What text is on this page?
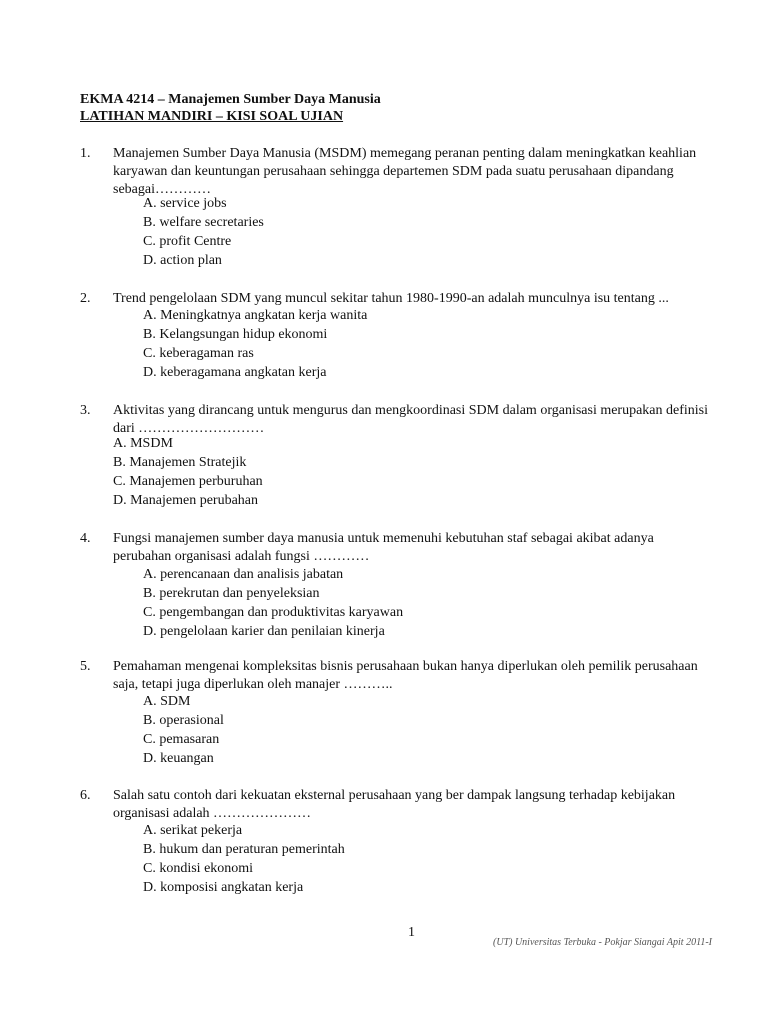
EKMA 4214 – Manajemen Sumber Daya Manusia
LATIHAN MANDIRI – KISI SOAL UJIAN
1. Manajemen Sumber Daya Manusia (MSDM) memegang peranan penting dalam meningkatkan keahlian karyawan dan keuntungan perusahaan sehingga departemen SDM pada suatu perusahaan dipandang sebagai…………
A. service jobs
B. welfare secretaries
C. profit Centre
D. action plan
2. Trend pengelolaan SDM yang muncul sekitar tahun 1980-1990-an adalah munculnya isu tentang ...
A. Meningkatnya angkatan kerja wanita
B. Kelangsungan hidup ekonomi
C. keberagaman ras
D. keberagamana angkatan kerja
3. Aktivitas yang dirancang untuk mengurus dan mengkoordinasi SDM dalam organisasi merupakan definisi dari ………………………
A. MSDM
B. Manajemen Stratejik
C. Manajemen perburuhan
D. Manajemen perubahan
4. Fungsi manajemen sumber daya manusia untuk memenuhi kebutuhan staf sebagai akibat adanya perubahan organisasi adalah fungsi …………
A. perencanaan dan analisis jabatan
B. perekrutan dan penyeleksian
C. pengembangan dan produktivitas karyawan
D. pengelolaan karier dan penilaian kinerja
5. Pemahaman mengenai kompleksitas bisnis perusahaan bukan hanya diperlukan oleh pemilik perusahaan saja, tetapi juga diperlukan oleh manajer ………..
A. SDM
B. operasional
C. pemasaran
D. keuangan
6. Salah satu contoh dari kekuatan eksternal perusahaan yang ber dampak langsung terhadap kebijakan organisasi adalah …………………
A. serikat pekerja
B. hukum dan peraturan pemerintah
C. kondisi ekonomi
D. komposisi angkatan kerja
1
(UT) Universitas Terbuka - Pokjar Siangai Apit 2011-I
